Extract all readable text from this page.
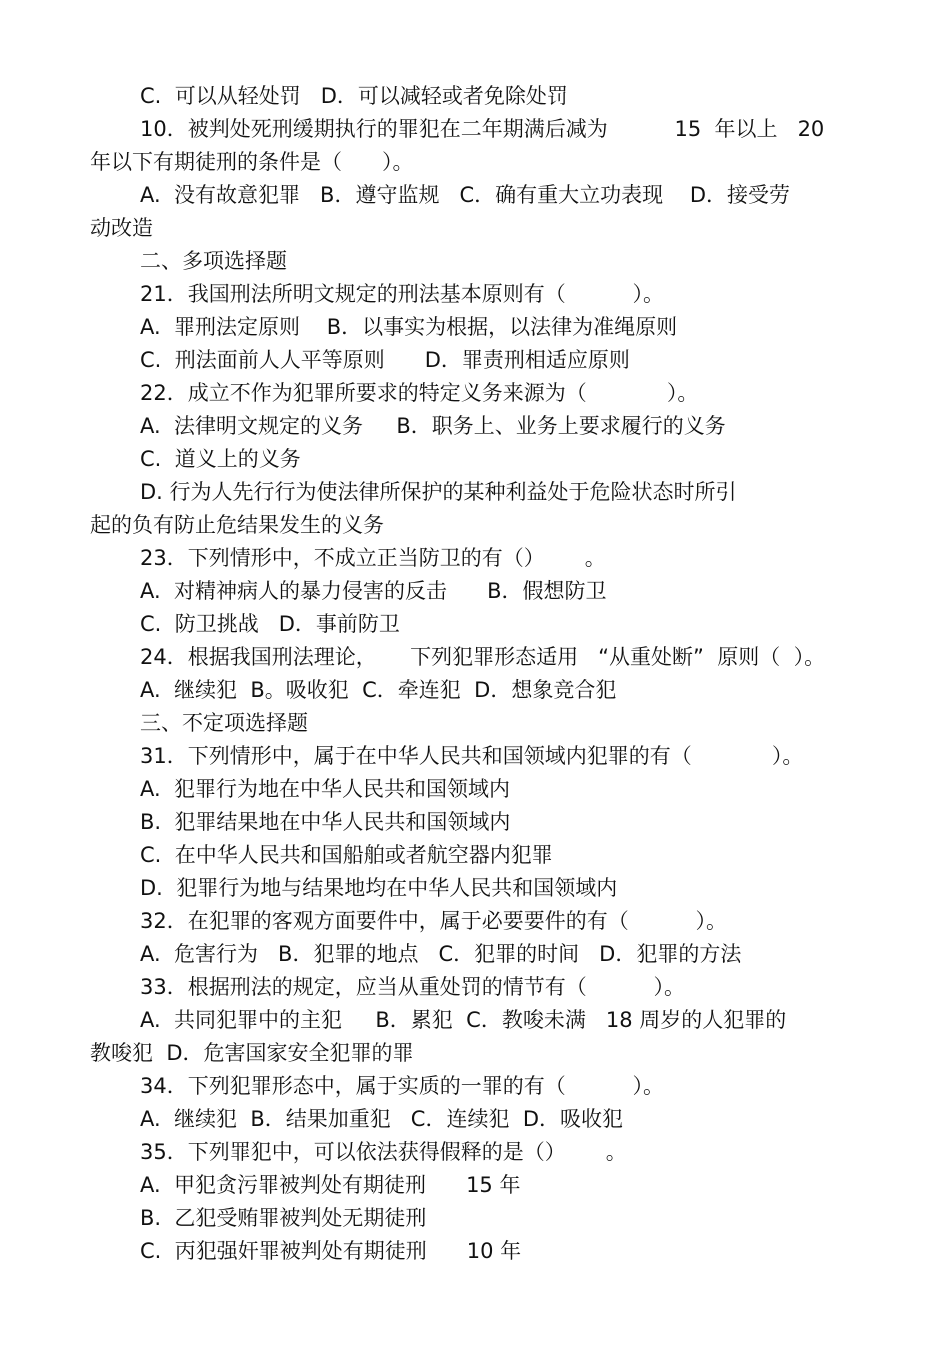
C.  可以从轻处罚   D．可以减轻或者免除处罚
10．被判处死刑缓期执行的罪犯在二年期满后减为          15  年以上   20
年以下有期徒刑的条件是（      ）。
A.  没有故意犯罪   B．遵守监规   C．确有重大立功表现    D．接受劳
动改造
二、多项选择题
21．我国刑法所明文规定的刑法基本原则有（          ）。
A.  罪刑法定原则    B．以事实为根据，以法律为准绳原则
C.  刑法面前人人平等原则      D．罪责刑相适应原则
22．成立不作为犯罪所要求的特定义务来源为（            ）。
A.  法律明文规定的义务     B．职务上、业务上要求履行的义务
C.  道义上的义务
D. 行为人先行行为使法律所保护的某种利益处于危险状态时所引
起的负有防止危结果发生的义务
23．下列情形中，不成立正当防卫的有（）      。
A.  对精神病人的暴力侵害的反击      B．假想防卫
C.  防卫挑战   D．事前防卫
24．根据我国刑法理论，     下列犯罪形态适用   “从重处断”  原则（  ）。
A.  继续犯  B。吸收犯  C．牵连犯  D．想象竞合犯
三、不定项选择题
31．下列情形中，属于在中华人民共和国领域内犯罪的有（            ）。
A.  犯罪行为地在中华人民共和国领域内
B.  犯罪结果地在中华人民共和国领域内
C.  在中华人民共和国船舶或者航空器内犯罪
D.  犯罪行为地与结果地均在中华人民共和国领域内
32．在犯罪的客观方面要件中，属于必要要件的有（          ）。
A.  危害行为   B．犯罪的地点   C．犯罪的时间   D．犯罪的方法
33．根据刑法的规定，应当从重处罚的情节有（          ）。
A.  共同犯罪中的主犯     B．累犯  C．教唆未满   18 周岁的人犯罪的
教唆犯  D．危害国家安全犯罪的罪
34．下列犯罪形态中，属于实质的一罪的有（          ）。
A.  继续犯  B．结果加重犯   C．连续犯  D．吸收犯
35．下列罪犯中，可以依法获得假释的是（）      。
A.  甲犯贪污罪被判处有期徒刑      15 年
B.  乙犯受贿罪被判处无期徒刑
C.  丙犯强奸罪被判处有期徒刑      10 年
